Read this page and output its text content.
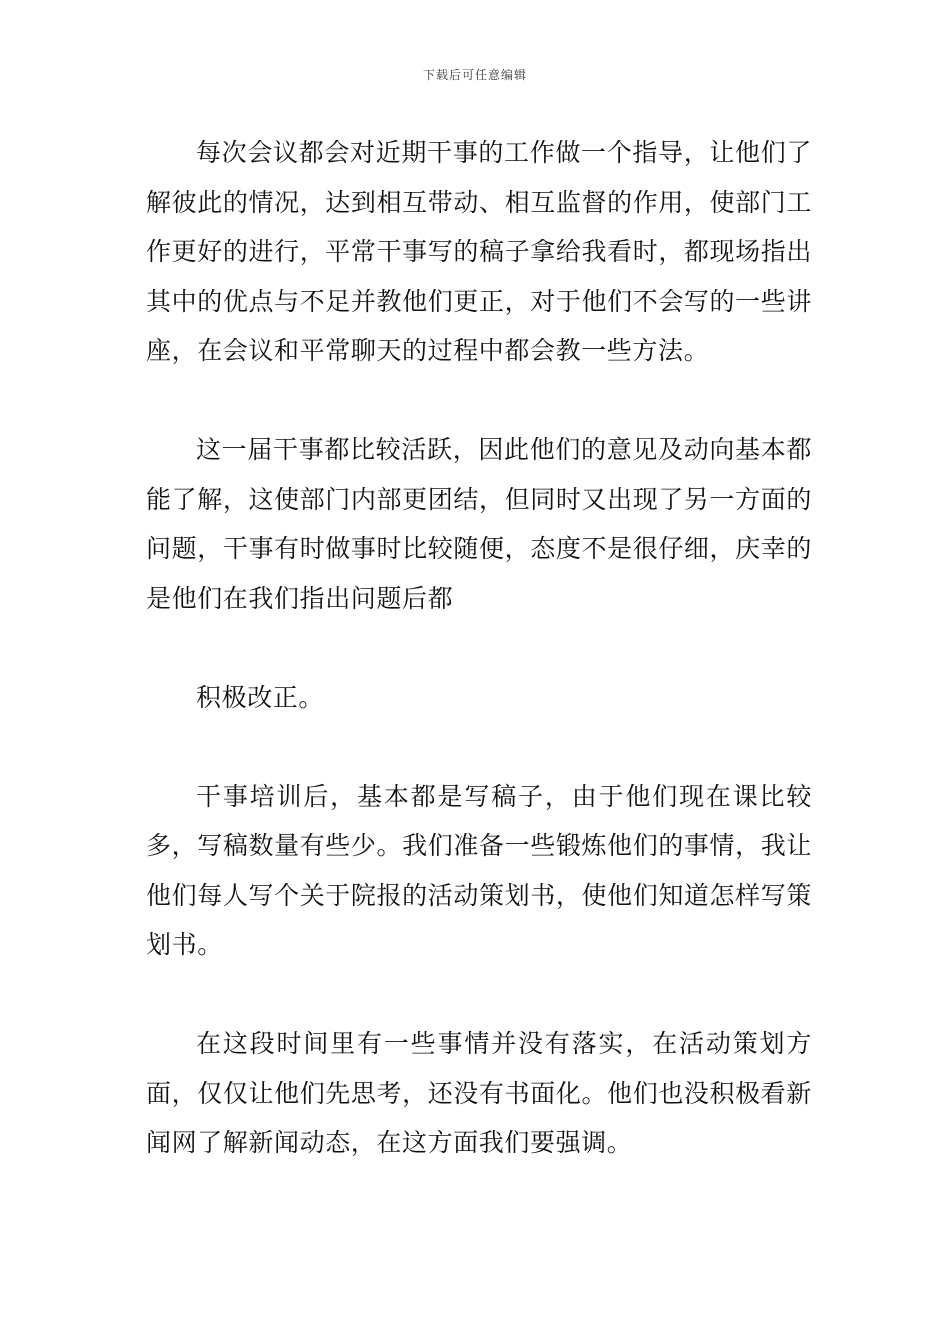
下载后可任意编辑

每次会议都会对近期干事的工作做一个指导，让他们了解彼此的情况，达到相互带动、相互监督的作用，使部门工作更好的进行，平常干事写的稿子拿给我看时，都现场指出其中的优点与不足并教他们更正，对于他们不会写的一些讲座，在会议和平常聊天的过程中都会教一些方法。

这一届干事都比较活跃，因此他们的意见及动向基本都能了解，这使部门内部更团结，但同时又出现了另一方面的问题，干事有时做事时比较随便，态度不是很仔细，庆幸的是他们在我们指出问题后都

积极改正。

干事培训后，基本都是写稿子，由于他们现在课比较多，写稿数量有些少。我们准备一些锻炼他们的事情，我让他们每人写个关于院报的活动策划书，使他们知道怎样写策划书。

在这段时间里有一些事情并没有落实，在活动策划方面，仅仅让他们先思考，还没有书面化。他们也没积极看新闻网了解新闻动态，在这方面我们要强调。
